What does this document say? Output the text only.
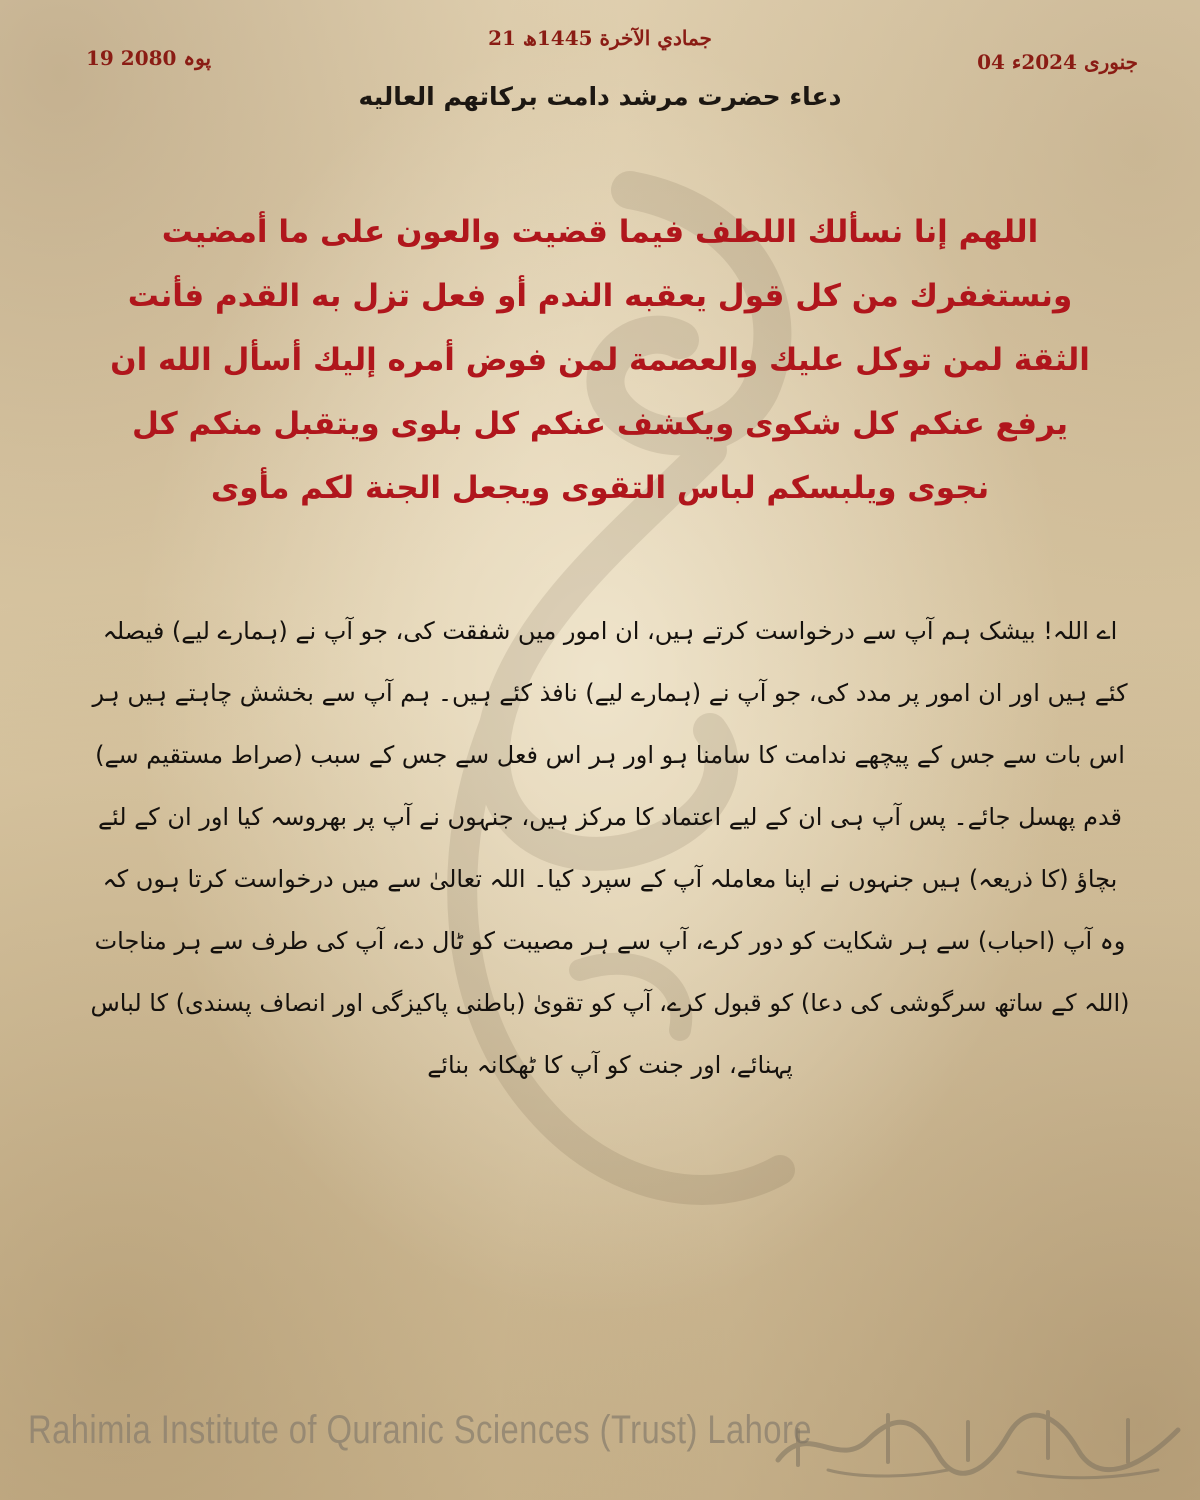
19 پوہ 2080
21 جمادي الآخرة 1445ھ
04 جنوری 2024ء
دعاء حضرت مرشد دامت برکاتهم العالیه
اللهم إنا نسألك اللطف فيما قضيت والعون على ما أمضيت ونستغفرك من كل قول يعقبه الندم أو فعل تزل به القدم فأنت الثقة لمن توكل عليك والعصمة لمن فوض أمره إليك أسأل الله ان يرفع عنكم كل شكوى ويكشف عنكم كل بلوى ويتقبل منكم كل نجوى ويلبسكم لباس التقوى ويجعل الجنة لكم مأوى
اے اللہ! بیشک ہم آپ سے درخواست کرتے ہیں، ان امور میں شفقت کی، جو آپ نے (ہمارے لیے) فیصلہ کئے ہیں اور ان امور پر مدد کی، جو آپ نے (ہمارے لیے) نافذ کئے ہیں۔ ہم آپ سے بخشش چاہتے ہیں ہر اس بات سے جس کے پیچھے ندامت کا سامنا ہو اور ہر اس فعل سے جس کے سبب (صراط مستقیم سے) قدم پھسل جائے۔ پس آپ ہی ان کے لیے اعتماد کا مرکز ہیں، جنہوں نے آپ پر بھروسہ کیا اور ان کے لئے بچاؤ (کا ذریعہ) ہیں جنہوں نے اپنا معاملہ آپ کے سپرد کیا۔ اللہ تعالیٰ سے میں درخواست کرتا ہوں کہ وہ آپ (احباب) سے ہر شکایت کو دور کرے، آپ سے ہر مصیبت کو ٹال دے، آپ کی طرف سے ہر مناجات (اللہ کے ساتھ سرگوشی کی دعا) کو قبول کرے، آپ کو تقویٰ (باطنی پاکیزگی اور انصاف پسندی) کا لباس پہنائے، اور جنت کو آپ کا ٹھکانہ بنائے
Rahimia Institute of Quranic Sciences (Trust) Lahore
